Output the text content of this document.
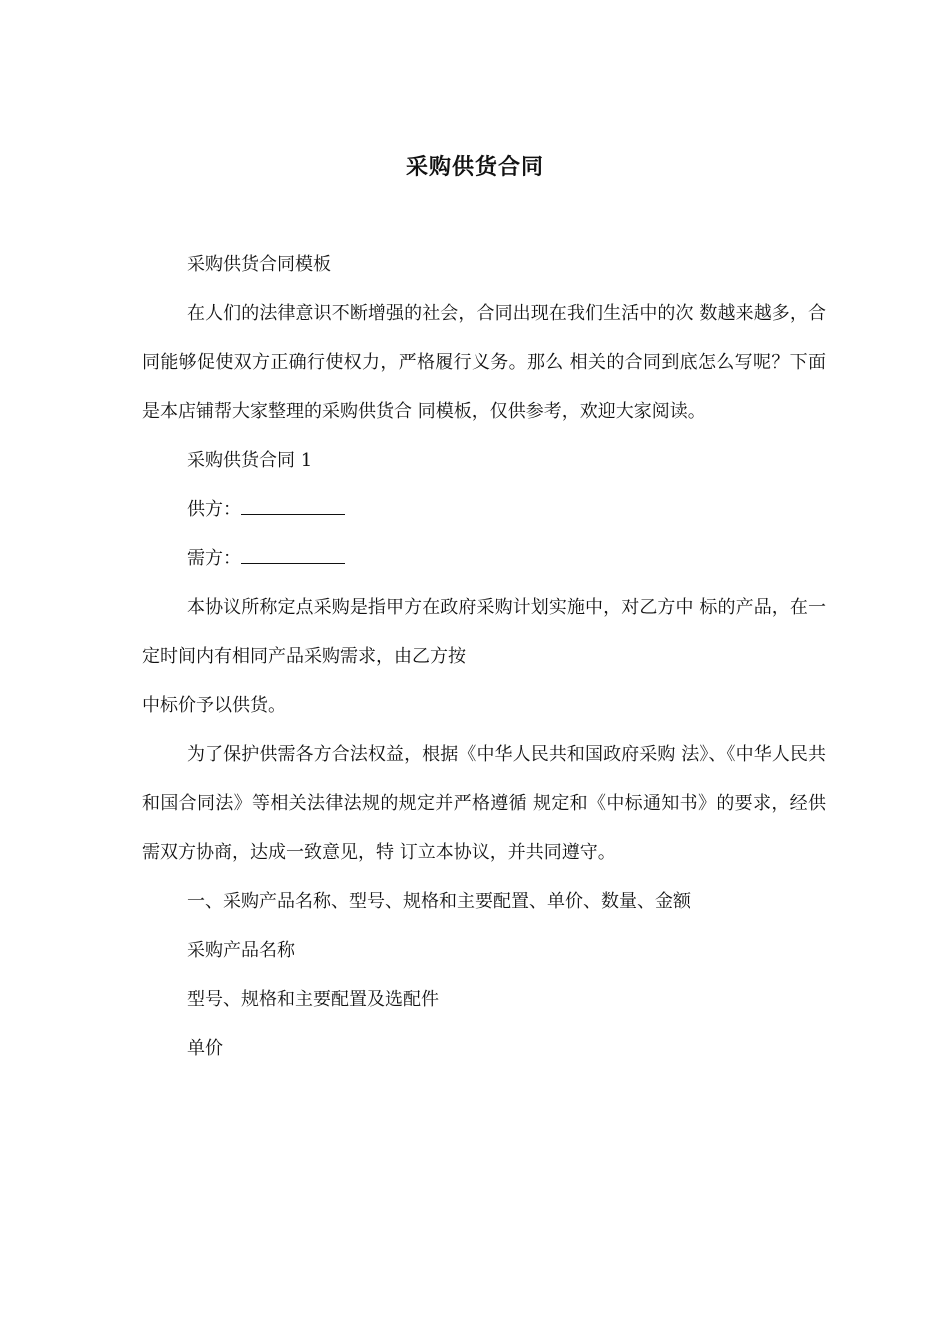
采购供货合同

采购供货合同模板

在人们的法律意识不断增强的社会，合同出现在我们生活中的次 数越来越多，合同能够促使双方正确行使权力，严格履行义务。那么 相关的合同到底怎么写呢？下面是本店铺帮大家整理的采购供货合 同模板，仅供参考，欢迎大家阅读。

采购供货合同 1

供方：

需方：

本协议所称定点采购是指甲方在政府采购计划实施中，对乙方中 标的产品，在一定时间内有相同产品采购需求，由乙方按

中标价予以供货。

为了保护供需各方合法权益，根据《中华人民共和国政府采购 法》、《中华人民共和国合同法》等相关法律法规的规定并严格遵循 规定和《中标通知书》的要求，经供需双方协商，达成一致意见，特 订立本协议，并共同遵守。

一、采购产品名称、型号、规格和主要配置、单价、数量、金额

采购产品名称

型号、规格和主要配置及选配件

单价
